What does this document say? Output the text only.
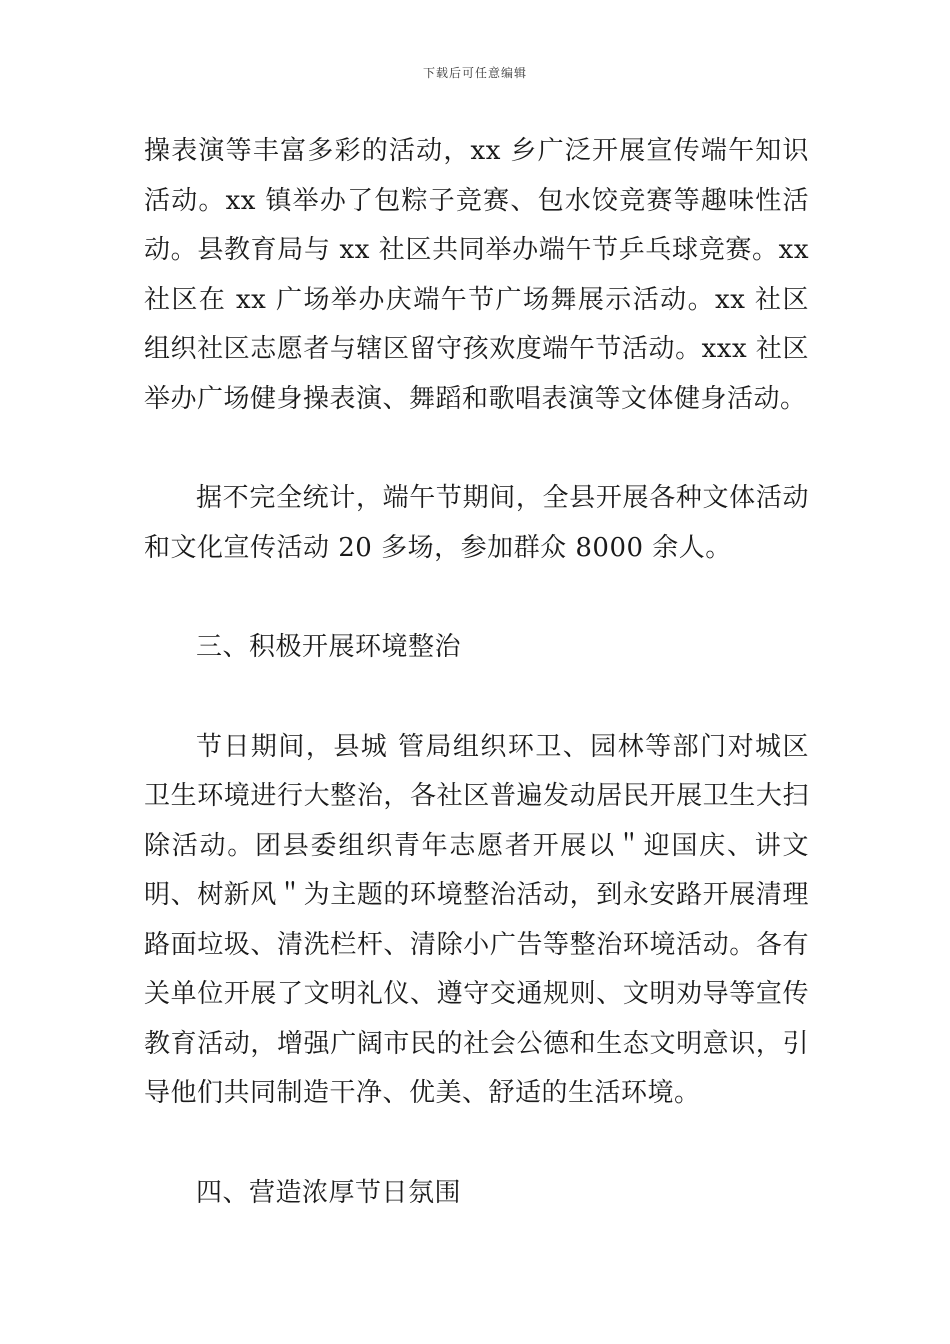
下载后可任意编辑

操表演等丰富多彩的活动，xx 乡广泛开展宣传端午知识活动。xx 镇举办了包粽子竞赛、包水饺竞赛等趣味性活动。县教育局与 xx 社区共同举办端午节乒乓球竞赛。xx 社区在 xx 广场举办庆端午节广场舞展示活动。xx 社区组织社区志愿者与辖区留守孩欢度端午节活动。xxx 社区举办广场健身操表演、舞蹈和歌唱表演等文体健身活动。

据不完全统计，端午节期间，全县开展各种文体活动和文化宣传活动 20 多场，参加群众 8000 余人。

三、积极开展环境整治

节日期间，县城 管局组织环卫、园林等部门对城区卫生环境进行大整治，各社区普遍发动居民开展卫生大扫除活动。团县委组织青年志愿者开展以＂迎国庆、讲文明、树新风＂为主题的环境整治活动，到永安路开展清理路面垃圾、清洗栏杆、清除小广告等整治环境活动。各有关单位开展了文明礼仪、遵守交通规则、文明劝导等宣传教育活动，增强广阔市民的社会公德和生态文明意识，引导他们共同制造干净、优美、舒适的生活环境。

四、营造浓厚节日氛围
